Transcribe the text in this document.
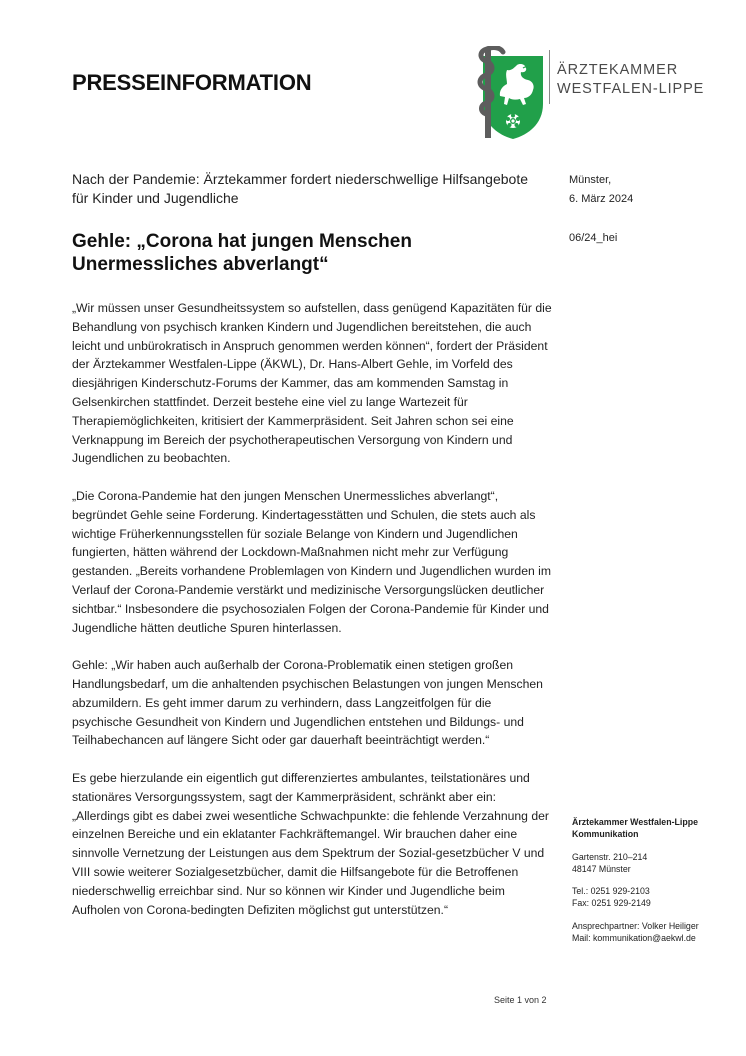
PRESSEINFORMATION	ÄRZTEKAMMER
WESTFALEN-LIPPE
Nach der Pandemie: Ärztekammer fordert niederschwellige Hilfsangebote für Kinder und Jugendliche
Gehle: „Corona hat jungen Menschen Unermessliches abverlangt“

„Wir müssen unser Gesundheitssystem so aufstellen, dass genügend Kapazitäten für die Behandlung von psychisch kranken Kindern und Jugendlichen bereitstehen, die auch leicht und unbürokratisch in Anspruch genommen werden können“, fordert der Präsident der Ärztekammer Westfalen-Lippe (ÄKWL), Dr. Hans-Albert Gehle, im Vorfeld des diesjährigen Kinderschutz-Forums der Kammer, das am kommenden Samstag in Gelsenkirchen stattfindet. Derzeit bestehe eine viel zu lange Wartezeit für Therapiemöglichkeiten, kritisiert der Kammerpräsident. Seit Jahren schon sei eine Verknappung im Bereich der psychotherapeutischen Versorgung von Kindern und Jugendlichen zu beobachten.

„Die Corona-Pandemie hat den jungen Menschen Unermessliches abverlangt“, begründet Gehle seine Forderung. Kindertagesstätten und Schulen, die stets auch als wichtige Früherkennungsstellen für soziale Belange von Kindern und Jugendlichen fungierten, hätten während der Lockdown-Maßnahmen nicht mehr zur Verfügung gestanden. „Bereits vorhandene Problemlagen von Kindern und Jugendlichen wurden im Verlauf der Corona-Pandemie verstärkt und medizinische Versorgungslücken deutlicher sichtbar.“ Insbesondere die psychosozialen Folgen der Corona-Pandemie für Kinder und Jugendliche hätten deutliche Spuren hinterlassen.

Gehle: „Wir haben auch außerhalb der Corona-Problematik einen stetigen großen Handlungsbedarf, um die anhaltenden psychischen Belastungen von jungen Menschen abzumildern. Es geht immer darum zu verhindern, dass Langzeitfolgen für die psychische Gesundheit von Kindern und Jugendlichen entstehen und Bildungs- und Teilhabechancen auf längere Sicht oder gar dauerhaft beeinträchtigt werden.“

Es gebe hierzulande ein eigentlich gut differenziertes ambulantes, teilstationäres und stationäres Versorgungssystem, sagt der Kammerpräsident, schränkt aber ein: „Allerdings gibt es dabei zwei wesentliche Schwachpunkte: die fehlende Verzahnung der einzelnen Bereiche und ein eklatanter Fachkräftemangel. Wir brauchen daher eine sinnvolle Vernetzung der Leistungen aus dem Spektrum der Sozial-gesetzbücher V und VIII sowie weiterer Sozialgesetzbücher, damit die Hilfsangebote für die Betroffenen niederschwellig erreichbar sind. Nur so können wir Kinder und Jugendliche beim Aufholen von Corona-bedingten Defiziten möglichst gut unterstützen.“

Münster,
6. März 2024
06/24_hei
Ärztekammer Westfalen-Lippe
Kommunikation
Gartenstr. 210–214
48147 Münster
Tel.: 0251 929-2103
Fax: 0251 929-2149
Ansprechpartner: Volker Heiliger
Mail: kommunikation@aekwl.de
Seite 1 von 2
